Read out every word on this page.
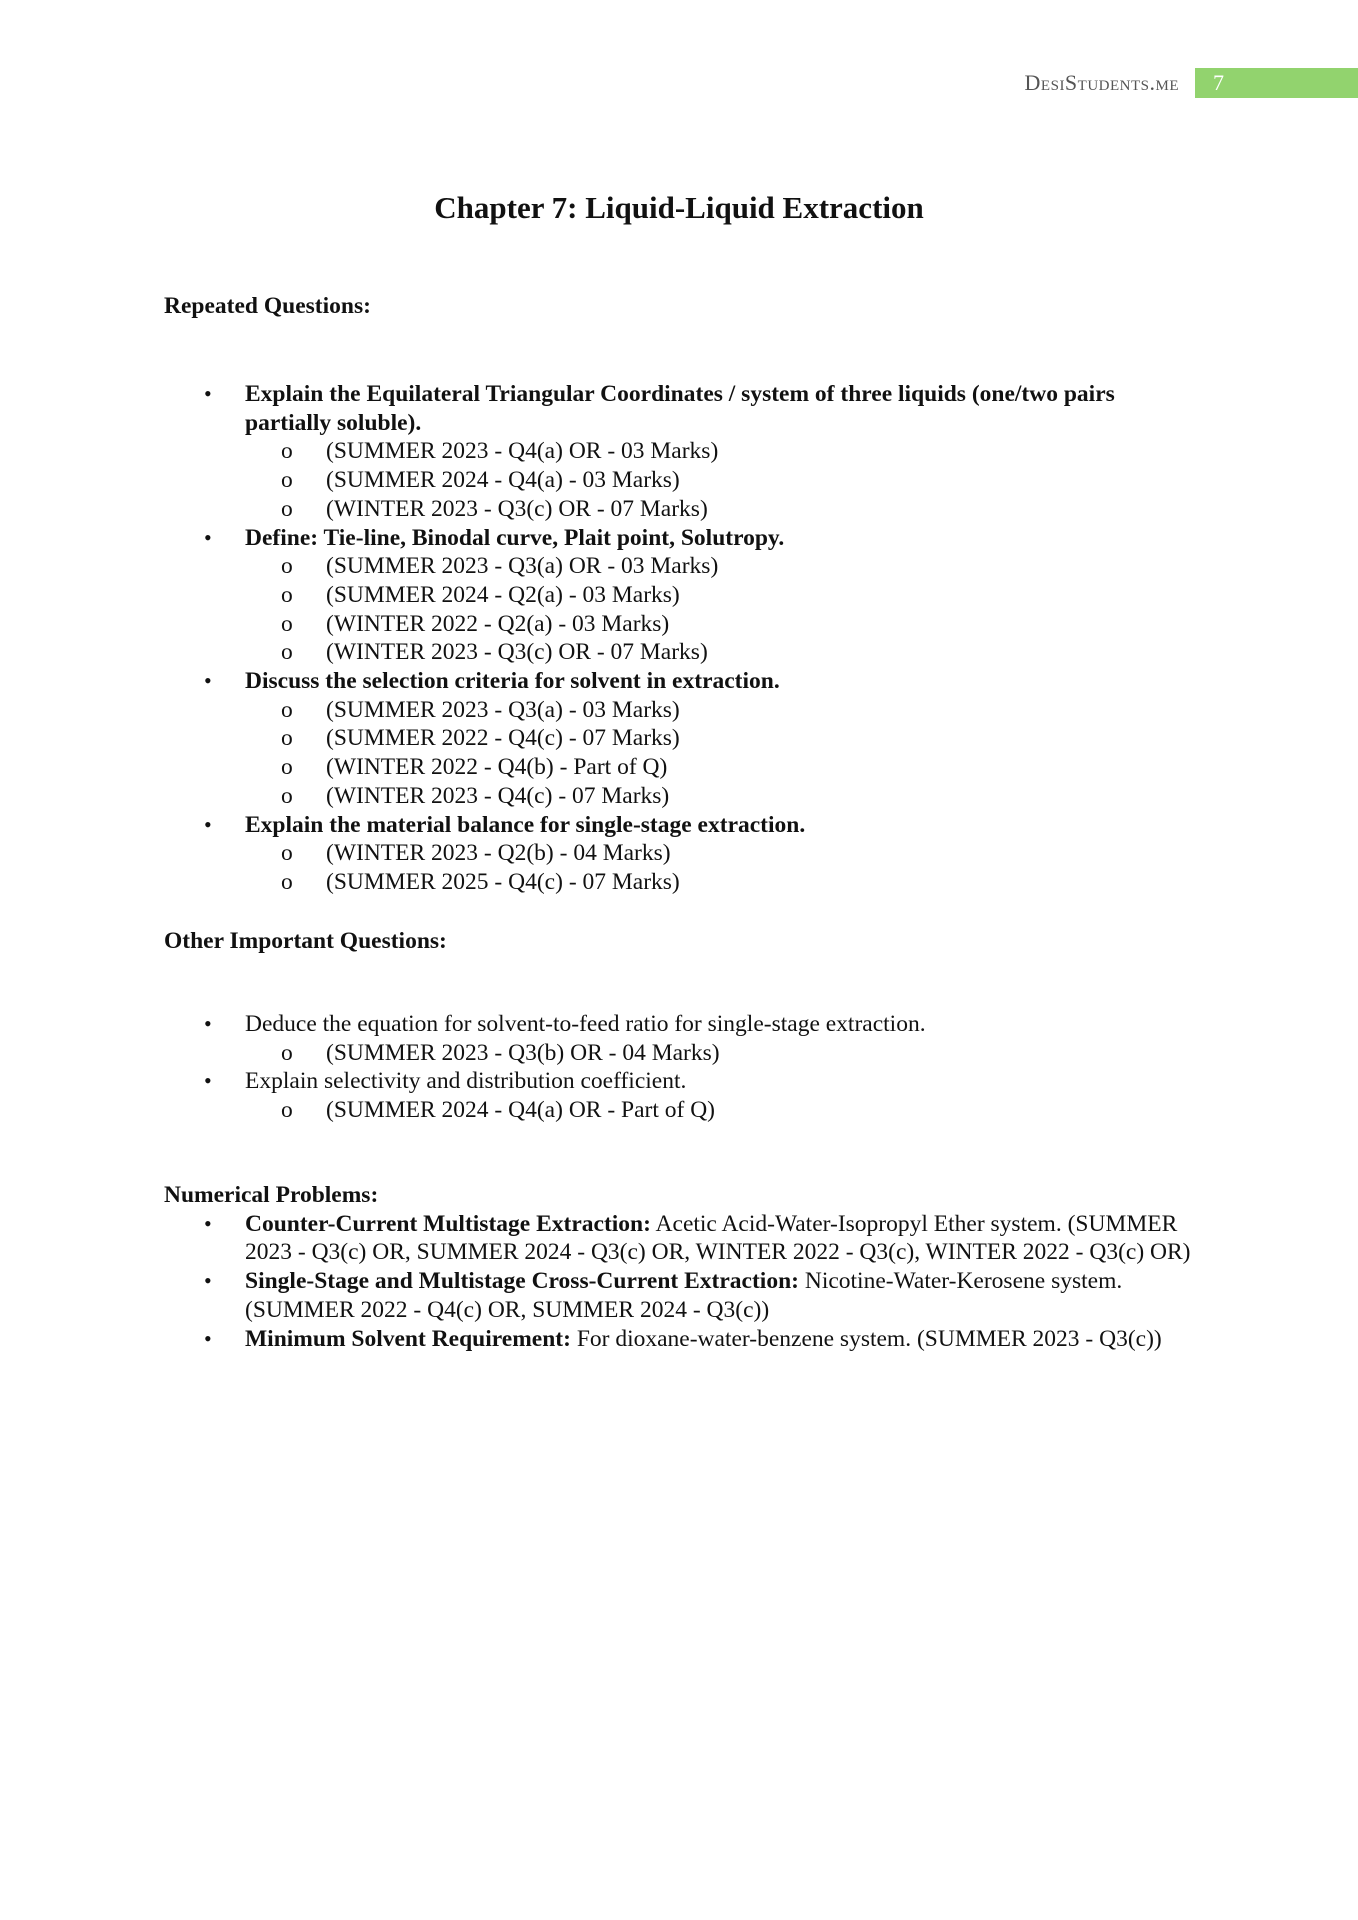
DesiStudents.me	7
Chapter 7: Liquid-Liquid Extraction

Repeated Questions:

• Explain the Equilateral Triangular Coordinates / system of three liquids (one/two pairs partially soluble).
o (SUMMER 2023 - Q4(a) OR - 03 Marks)
o (SUMMER 2024 - Q4(a) - 03 Marks)
o (WINTER 2023 - Q3(c) OR - 07 Marks)
• Define: Tie-line, Binodal curve, Plait point, Solutropy.
o (SUMMER 2023 - Q3(a) OR - 03 Marks)
o (SUMMER 2024 - Q2(a) - 03 Marks)
o (WINTER 2022 - Q2(a) - 03 Marks)
o (WINTER 2023 - Q3(c) OR - 07 Marks)
• Discuss the selection criteria for solvent in extraction.
o (SUMMER 2023 - Q3(a) - 03 Marks)
o (SUMMER 2022 - Q4(c) - 07 Marks)
o (WINTER 2022 - Q4(b) - Part of Q)
o (WINTER 2023 - Q4(c) - 07 Marks)
• Explain the material balance for single-stage extraction.
o (WINTER 2023 - Q2(b) - 04 Marks)
o (SUMMER 2025 - Q4(c) - 07 Marks)

Other Important Questions:

• Deduce the equation for solvent-to-feed ratio for single-stage extraction.
o (SUMMER 2023 - Q3(b) OR - 04 Marks)
• Explain selectivity and distribution coefficient.
o (SUMMER 2024 - Q4(a) OR - Part of Q)

Numerical Problems:

• Counter-Current Multistage Extraction: Acetic Acid-Water-Isopropyl Ether system. (SUMMER 2023 - Q3(c) OR, SUMMER 2024 - Q3(c) OR, WINTER 2022 - Q3(c), WINTER 2022 - Q3(c) OR)
• Single-Stage and Multistage Cross-Current Extraction: Nicotine-Water-Kerosene system. (SUMMER 2022 - Q4(c) OR, SUMMER 2024 - Q3(c))
• Minimum Solvent Requirement: For dioxane-water-benzene system. (SUMMER 2023 - Q3(c))
